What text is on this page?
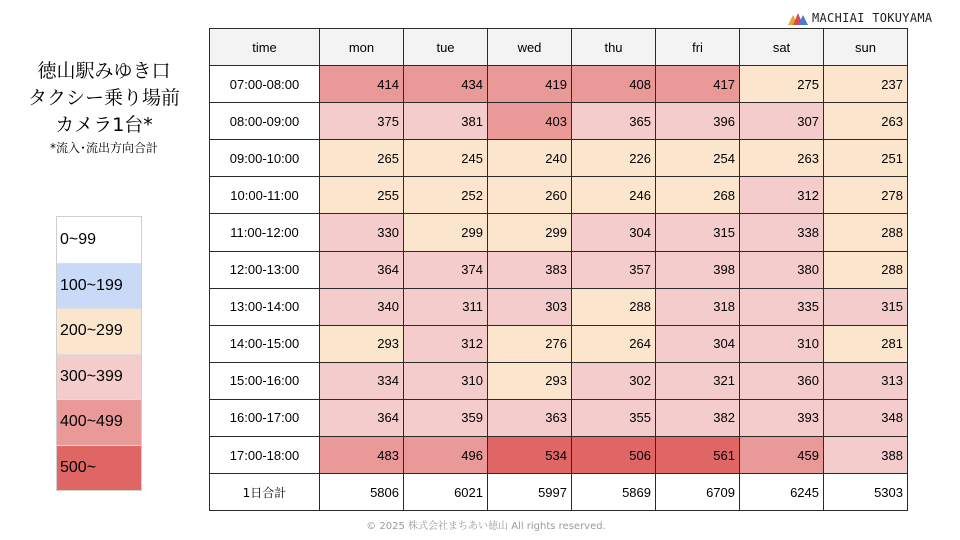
徳山駅みゆき口
タクシー乗り場前
カメラ1台*
*流入･流出方向合計
0~99
100~199
200~299
300~399
400~499
500~
MACHIAI TOKUYAMA
time	mon	tue	wed	thu	fri	sat	sun
07:00-08:00	414	434	419	408	417	275	237
08:00-09:00	375	381	403	365	396	307	263
09:00-10:00	265	245	240	226	254	263	251
10:00-11:00	255	252	260	246	268	312	278
11:00-12:00	330	299	299	304	315	338	288
12:00-13:00	364	374	383	357	398	380	288
13:00-14:00	340	311	303	288	318	335	315
14:00-15:00	293	312	276	264	304	310	281
15:00-16:00	334	310	293	302	321	360	313
16:00-17:00	364	359	363	355	382	393	348
17:00-18:00	483	496	534	506	561	459	388
1日合計	5806	6021	5997	5869	6709	6245	5303
© 2025 株式会社まちあい徳山 All rights reserved.
